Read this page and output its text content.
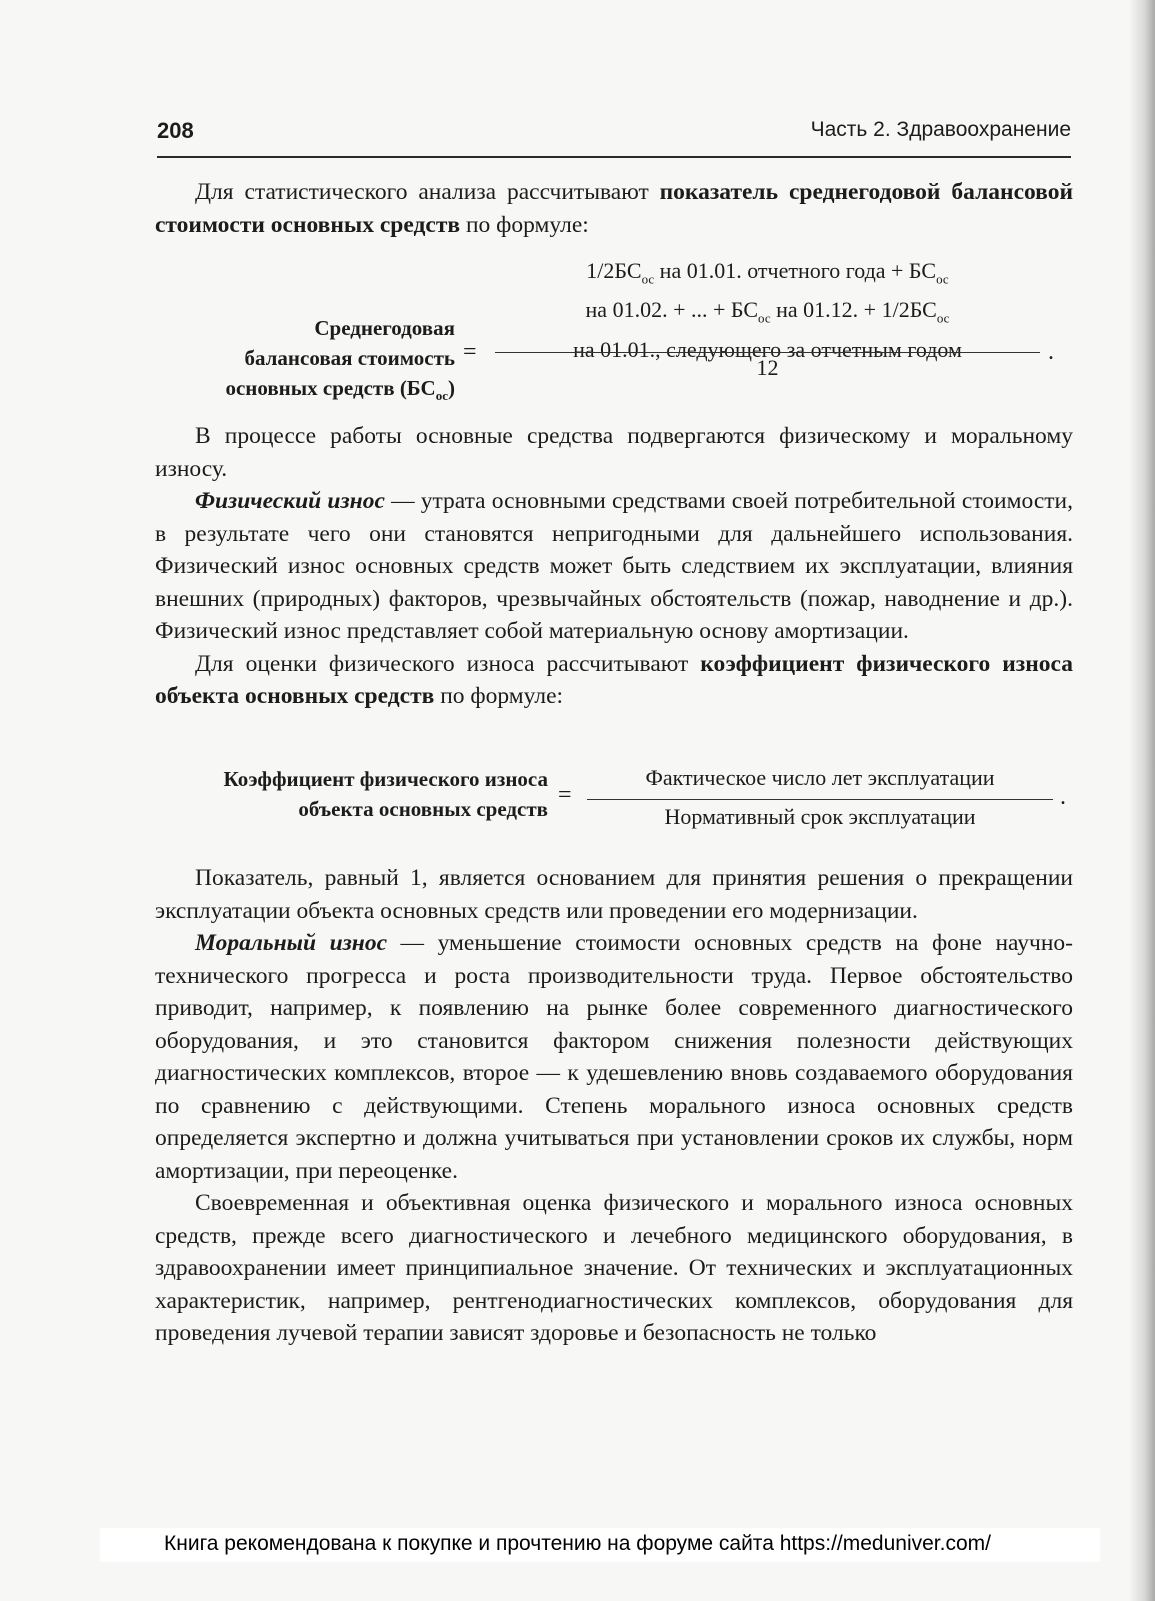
208	Часть 2. Здравоохранение

Для статистического анализа рассчитывают показатель среднегодовой балансовой стоимости основных средств по формуле:

Среднегодовая
балансовая стоимость
основных средств $(БС_{ос})$
=
$1/2БС_{ос}$ на 01.01. отчетного года + $БС_{ос}$
на 01.02. + ... + $БС_{ос}$ на 01.12. + $1/2БС_{ос}$
на 01.01., следующего за отчетным годом
12
.

В процессе работы основные средства подвергаются физическому и моральному износу.

Физический износ — утрата основными средствами своей потребительной стоимости, в результате чего они становятся непригодными для дальнейшего использования. Физический износ основных средств может быть следствием их эксплуатации, влияния внешних (природных) факторов, чрезвычайных обстоятельств (пожар, наводнение и др.). Физический износ представляет собой материальную основу амортизации.

Для оценки физического износа рассчитывают коэффициент физического износа объекта основных средств по формуле:

Коэффициент физического износа
объекта основных средств
=
Фактическое число лет эксплуатации
Нормативный срок эксплуатации
.

Показатель, равный 1, является основанием для принятия решения о прекращении эксплуатации объекта основных средств или проведении его модернизации.

Моральный износ — уменьшение стоимости основных средств на фоне научно-технического прогресса и роста производительности труда. Первое обстоятельство приводит, например, к появлению на рынке более современного диагностического оборудования, и это становится фактором снижения полезности действующих диагностических комплексов, второе — к удешевлению вновь создаваемого оборудования по сравнению с действующими. Степень морального износа основных средств определяется экспертно и должна учитываться при установлении сроков их службы, норм амортизации, при переоценке.

Своевременная и объективная оценка физического и морального износа основных средств, прежде всего диагностического и лечебного медицинского оборудования, в здравоохранении имеет принципиальное значение. От технических и эксплуатационных характеристик, например, рентгенодиагностических комплексов, оборудования для проведения лучевой терапии зависят здоровье и безопасность не только

Книга рекомендована к покупке и прочтению на форуме сайта https://meduniver.com/
